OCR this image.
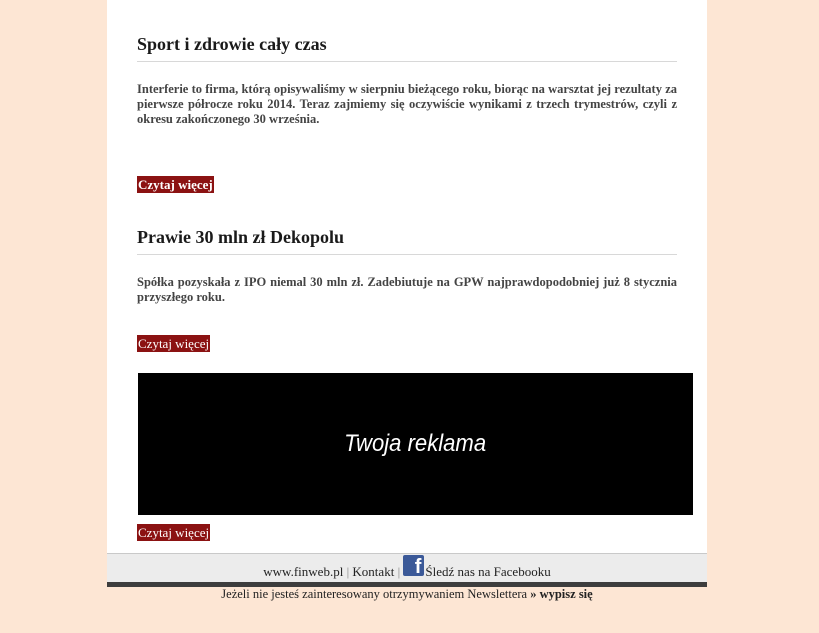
Sport i zdrowie cały czas

Interferie to firma, którą opisywaliśmy w sierpniu bieżącego roku, biorąc na warsztat jej rezultaty za pierwsze półrocze roku 2014. Teraz zajmiemy się oczywiście wynikami z trzech trymestrów, czyli z okresu zakończonego 30 września.

Czytaj więcej
Prawie 30 mln zł Dekopolu

Spółka pozyskała z IPO niemal 30 mln zł. Zadebiutuje na GPW najprawdopodobniej już 8 stycznia przyszłego roku.

Czytaj więcej
Twoja reklama
Czytaj więcej
www.finweb.pl | Kontakt | f Śledź nas na Facebooku
Jeżeli nie jesteś zainteresowany otrzymywaniem Newslettera » wypisz się
